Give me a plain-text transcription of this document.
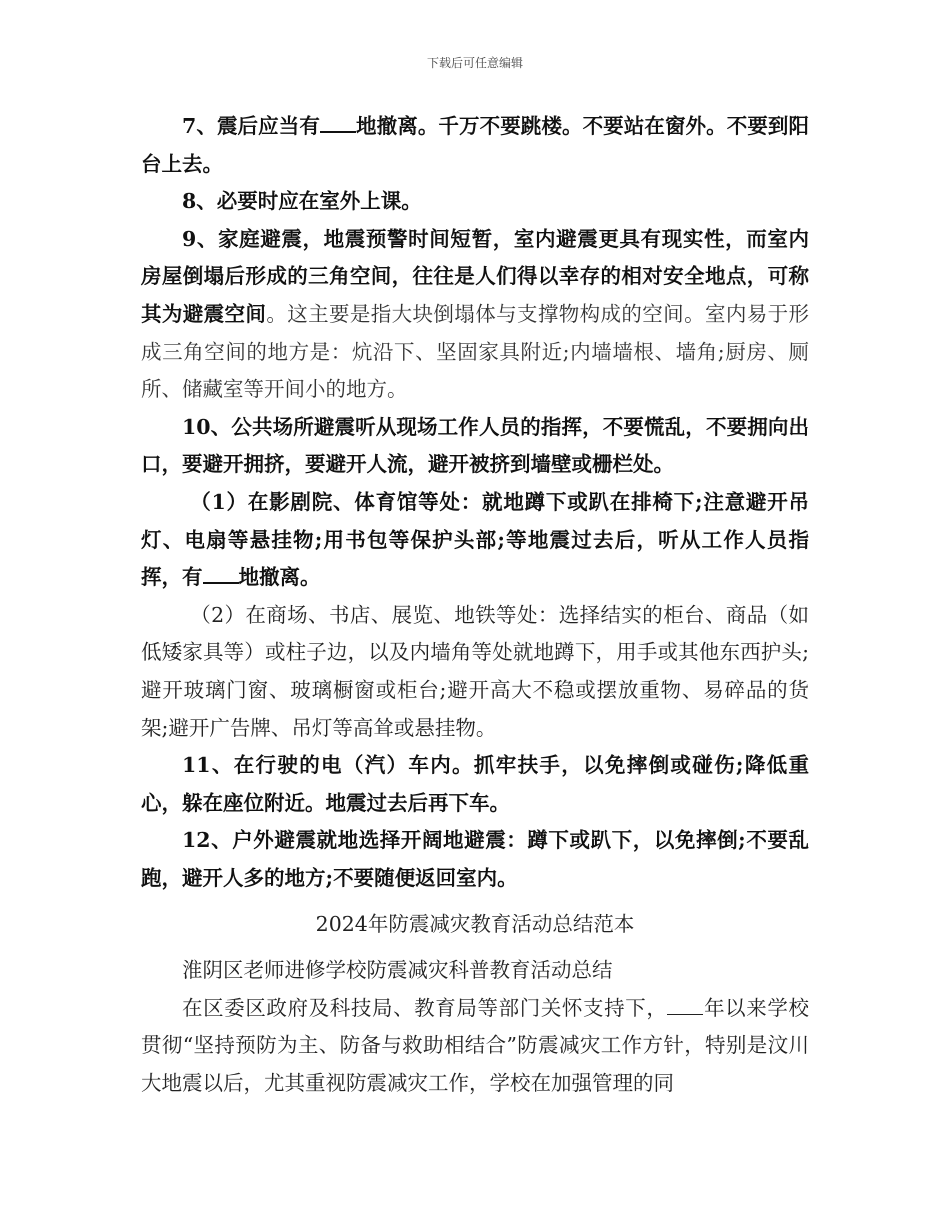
下载后可任意编辑

7、震后应当有 地撤离。千万不要跳楼。不要站在窗外。不要到阳台上去。

8、必要时应在室外上课。

9、家庭避震，地震预警时间短暂，室内避震更具有现实性，而室内房屋倒塌后形成的三角空间，往往是人们得以幸存的相对安全地点，可称其为避震空间。这主要是指大块倒塌体与支撑物构成的空间。室内易于形成三角空间的地方是：炕沿下、坚固家具附近;内墙墙根、墙角;厨房、厕所、储藏室等开间小的地方。

10、公共场所避震听从现场工作人员的指挥，不要慌乱，不要拥向出口，要避开拥挤，要避开人流，避开被挤到墙壁或栅栏处。

（1）在影剧院、体育馆等处：就地蹲下或趴在排椅下;注意避开吊灯、电扇等悬挂物;用书包等保护头部;等地震过去后，听从工作人员指挥，有 地撤离。

（2）在商场、书店、展览、地铁等处：选择结实的柜台、商品（如低矮家具等）或柱子边，以及内墙角等处就地蹲下，用手或其他东西护头;避开玻璃门窗、玻璃橱窗或柜台;避开高大不稳或摆放重物、易碎品的货架;避开广告牌、吊灯等高耸或悬挂物。

11、在行驶的电（汽）车内。抓牢扶手，以免摔倒或碰伤;降低重心，躲在座位附近。地震过去后再下车。

12、户外避震就地选择开阔地避震：蹲下或趴下，以免摔倒;不要乱跑，避开人多的地方;不要随便返回室内。

2024年防震减灾教育活动总结范本

淮阴区老师进修学校防震减灾科普教育活动总结

在区委区政府及科技局、教育局等部门关怀支持下， 年以来学校贯彻“坚持预防为主、防备与救助相结合”防震减灾工作方针，特别是汶川大地震以后，尤其重视防震减灾工作，学校在加强管理的同
